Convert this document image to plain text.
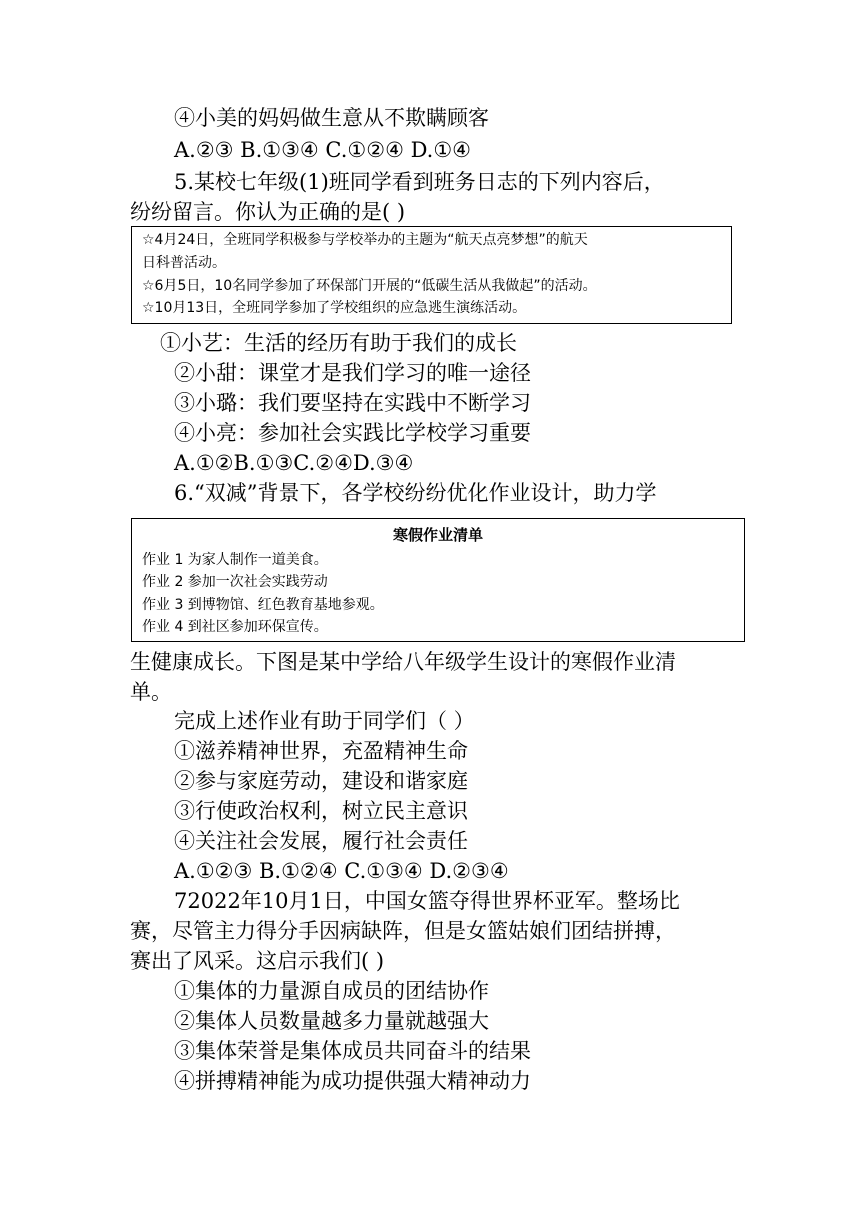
④小美的妈妈做生意从不欺瞒顾客
A.②③ B.①③④ C.①②④ D.①④
5.某校七年级(1)班同学看到班务日志的下列内容后，
纷纷留言。你认为正确的是( )
☆4月24日，全班同学积极参与学校举办的主题为“航天点亮梦想”的航天
日科普活动。
☆6月5日，10名同学参加了环保部门开展的“低碳生活从我做起”的活动。
☆10月13日，全班同学参加了学校组织的应急逃生演练活动。
①小艺：生活的经历有助于我们的成长
②小甜：课堂才是我们学习的唯一途径
③小璐：我们要坚持在实践中不断学习
④小亮：参加社会实践比学校学习重要
A.①②B.①③C.②④D.③④
6.“双减”背景下，各学校纷纷优化作业设计，助力学
寒假作业清单
作业 1 为家人制作一道美食。
作业 2 参加一次社会实践劳动
作业 3 到博物馆、红色教育基地参观。
作业 4 到社区参加环保宣传。
生健康成长。下图是某中学给八年级学生设计的寒假作业清
单。
完成上述作业有助于同学们（ ）
①滋养精神世界，充盈精神生命
②参与家庭劳动，建设和谐家庭
③行使政治权利，树立民主意识
④关注社会发展，履行社会责任
A.①②③ B.①②④ C.①③④ D.②③④
72022年10月1日，中国女篮夺得世界杯亚军。整场比
赛，尽管主力得分手因病缺阵，但是女篮姑娘们团结拼搏，
赛出了风采。这启示我们( )
①集体的力量源自成员的团结协作
②集体人员数量越多力量就越强大
③集体荣誉是集体成员共同奋斗的结果
④拼搏精神能为成功提供强大精神动力
